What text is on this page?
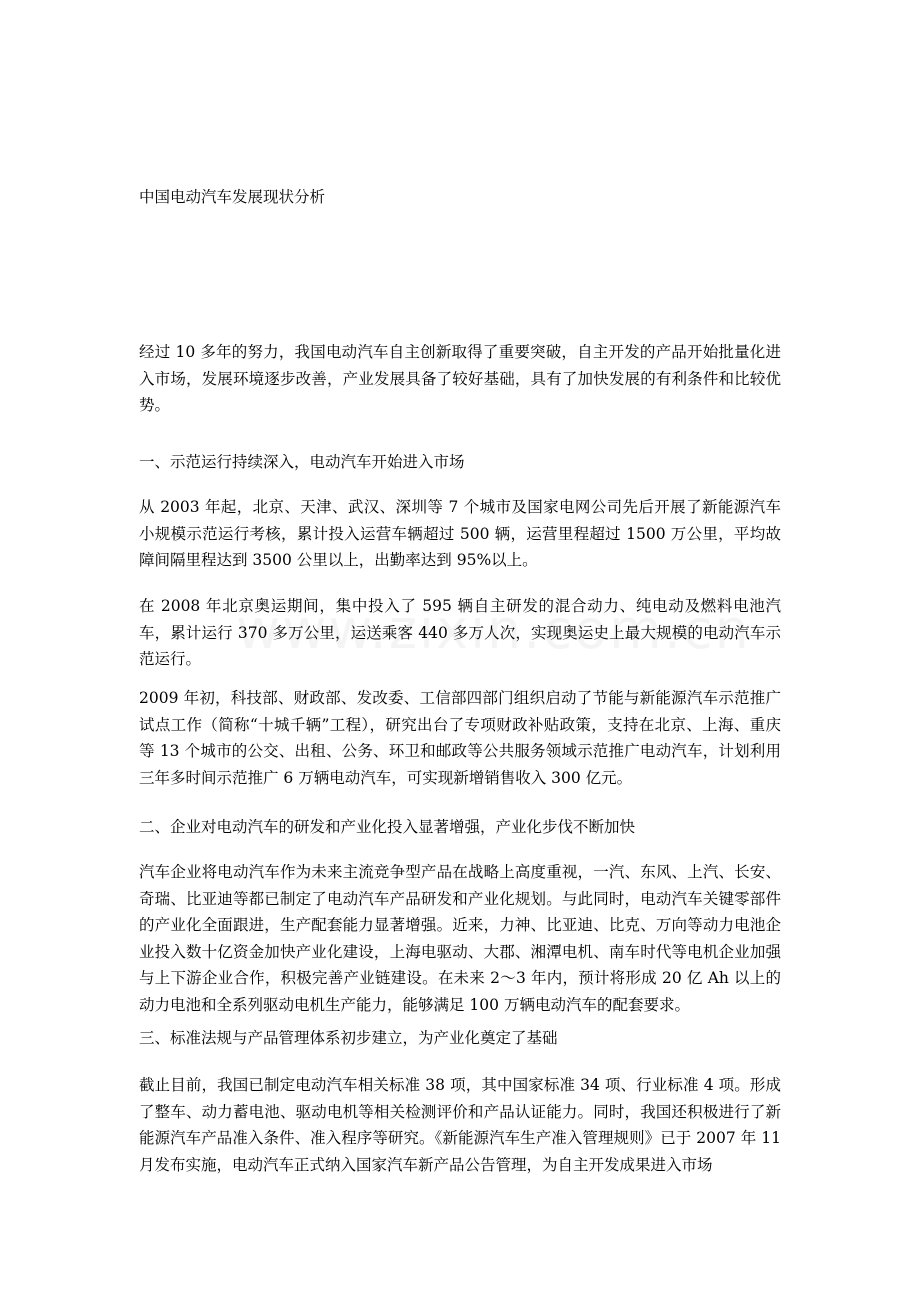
中国电动汽车发展现状分析
经过 10 多年的努力，我国电动汽车自主创新取得了重要突破，自主开发的产品开始批量化进入市场，发展环境逐步改善，产业发展具备了较好基础，具有了加快发展的有利条件和比较优势。
一、示范运行持续深入，电动汽车开始进入市场
从 2003 年起，北京、天津、武汉、深圳等 7 个城市及国家电网公司先后开展了新能源汽车小规模示范运行考核，累计投入运营车辆超过 500 辆，运营里程超过 1500 万公里，平均故障间隔里程达到 3500 公里以上，出勤率达到 95%以上。
在 2008 年北京奥运期间，集中投入了 595 辆自主研发的混合动力、纯电动及燃料电池汽车，累计运行 370 多万公里，运送乘客 440 多万人次，实现奥运史上最大规模的电动汽车示范运行。
2009 年初，科技部、财政部、发改委、工信部四部门组织启动了节能与新能源汽车示范推广试点工作（简称“十城千辆”工程），研究出台了专项财政补贴政策，支持在北京、上海、重庆等 13 个城市的公交、出租、公务、环卫和邮政等公共服务领域示范推广电动汽车，计划利用三年多时间示范推广 6 万辆电动汽车，可实现新增销售收入 300 亿元。
二、企业对电动汽车的研发和产业化投入显著增强，产业化步伐不断加快
汽车企业将电动汽车作为未来主流竞争型产品在战略上高度重视，一汽、东风、上汽、长安、奇瑞、比亚迪等都已制定了电动汽车产品研发和产业化规划。与此同时，电动汽车关键零部件的产业化全面跟进，生产配套能力显著增强。近来，力神、比亚迪、比克、万向等动力电池企业投入数十亿资金加快产业化建设，上海电驱动、大郡、湘潭电机、南车时代等电机企业加强与上下游企业合作，积极完善产业链建设。在未来 2～3 年内，预计将形成 20 亿 Ah 以上的动力电池和全系列驱动电机生产能力，能够满足 100 万辆电动汽车的配套要求。
三、标准法规与产品管理体系初步建立，为产业化奠定了基础
截止目前，我国已制定电动汽车相关标准 38 项，其中国家标准 34 项、行业标准 4 项。形成了整车、动力蓄电池、驱动电机等相关检测评价和产品认证能力。同时，我国还积极进行了新能源汽车产品准入条件、准入程序等研究。《新能源汽车生产准入管理规则》已于 2007 年 11 月发布实施，电动汽车正式纳入国家汽车新产品公告管理，为自主开发成果进入市场
